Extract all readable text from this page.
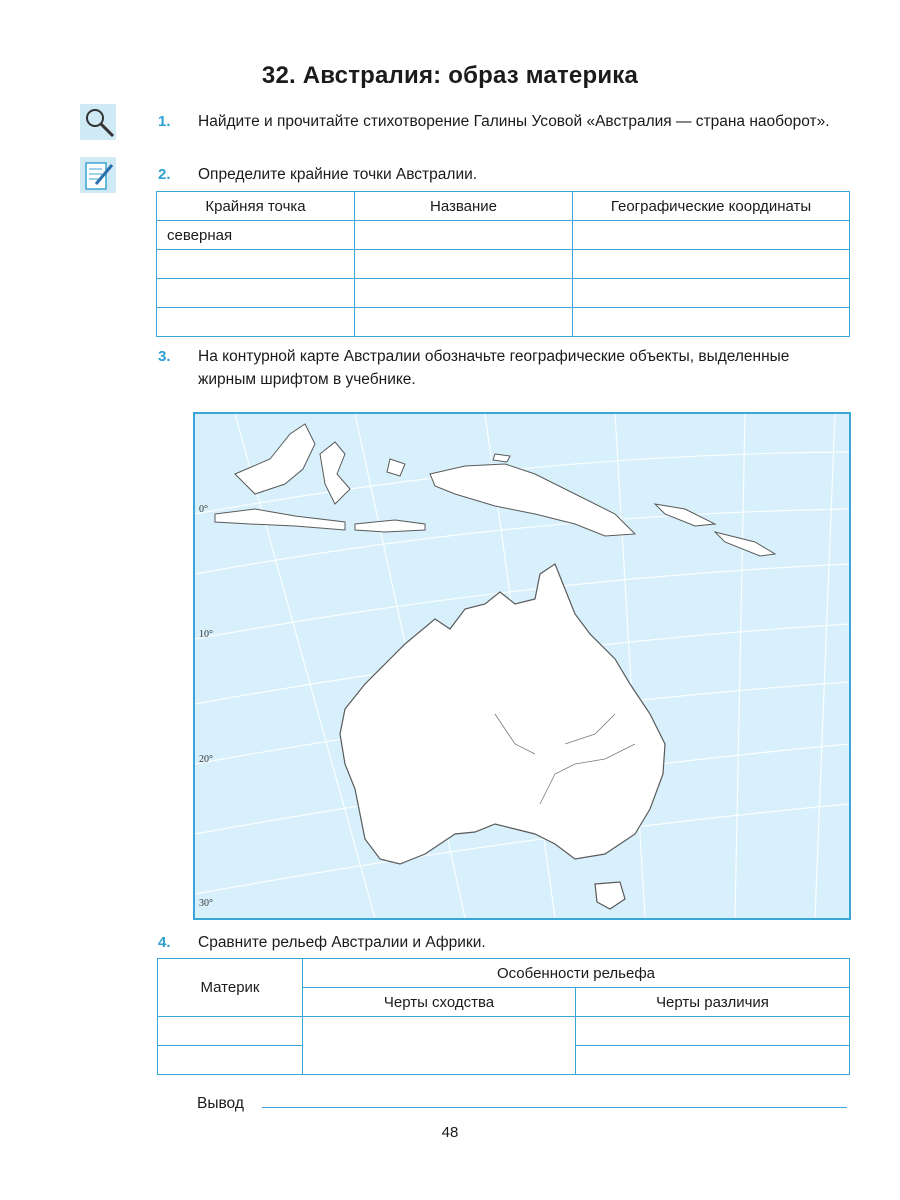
32. Австралия: образ материка
1. Найдите и прочитайте стихотворение Галины Усовой «Австралия — страна наоборот».
2. Определите крайние точки Австралии.
Крайняя точка	Название	Географические координаты
северная		

3. На контурной карте Австралии обозначьте географические объекты, выделенные жирным шрифтом в учебнике.
0°
10°
20°
30°
4. Сравните рельеф Австралии и Африки.
Материк	Особенности рельефа	
	Черты сходства	Черты различия

Вывод
48
